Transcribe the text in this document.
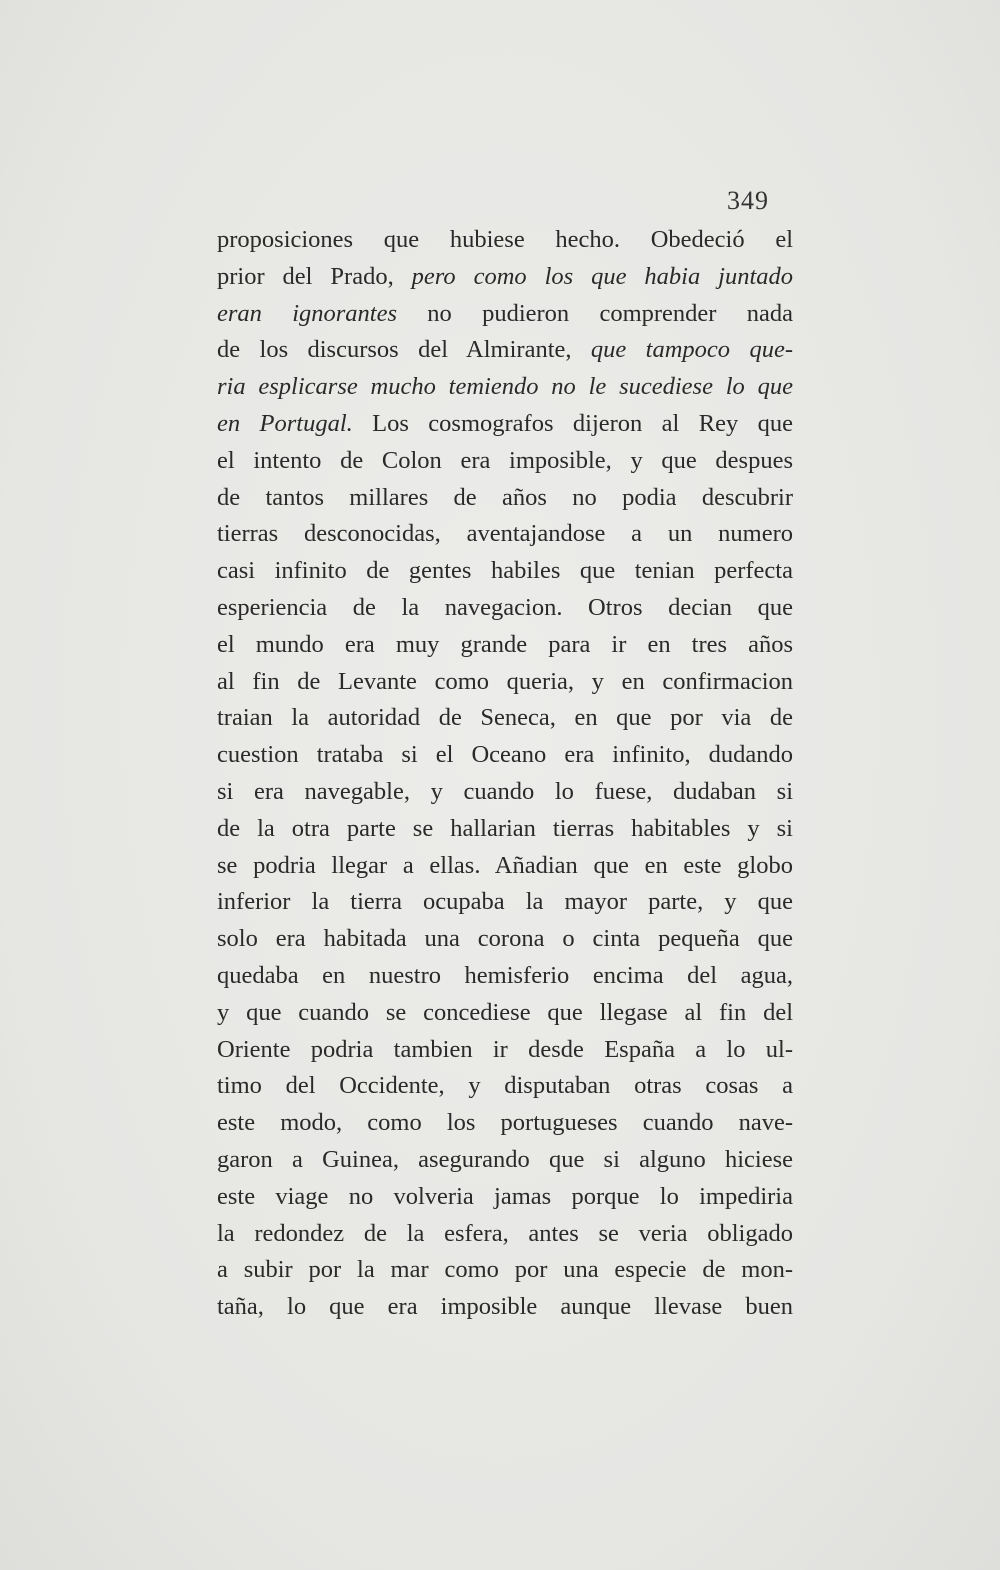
349
proposiciones que hubiese hecho. Obedeció el
prior del Prado, pero como los que habia juntado
eran ignorantes no pudieron comprender nada
de los discursos del Almirante, que tampoco que-
ria esplicarse mucho temiendo no le sucediese lo que
en Portugal. Los cosmografos dijeron al Rey que
el intento de Colon era imposible, y que despues
de tantos millares de años no podia descubrir
tierras desconocidas, aventajandose a un numero
casi infinito de gentes habiles que tenian perfecta
esperiencia de la navegacion. Otros decian que
el mundo era muy grande para ir en tres años
al fin de Levante como queria, y en confirmacion
traian la autoridad de Seneca, en que por via de
cuestion trataba si el Oceano era infinito, dudando
si era navegable, y cuando lo fuese, dudaban si
de la otra parte se hallarian tierras habitables y si
se podria llegar a ellas. Añadian que en este globo
inferior la tierra ocupaba la mayor parte, y que
solo era habitada una corona o cinta pequeña que
quedaba en nuestro hemisferio encima del agua,
y que cuando se concediese que llegase al fin del
Oriente podria tambien ir desde España a lo ul-
timo del Occidente, y disputaban otras cosas a
este modo, como los portugueses cuando nave-
garon a Guinea, asegurando que si alguno hiciese
este viage no volveria jamas porque lo impediria
la redondez de la esfera, antes se veria obligado
a subir por la mar como por una especie de mon-
taña, lo que era imposible aunque llevase buen
